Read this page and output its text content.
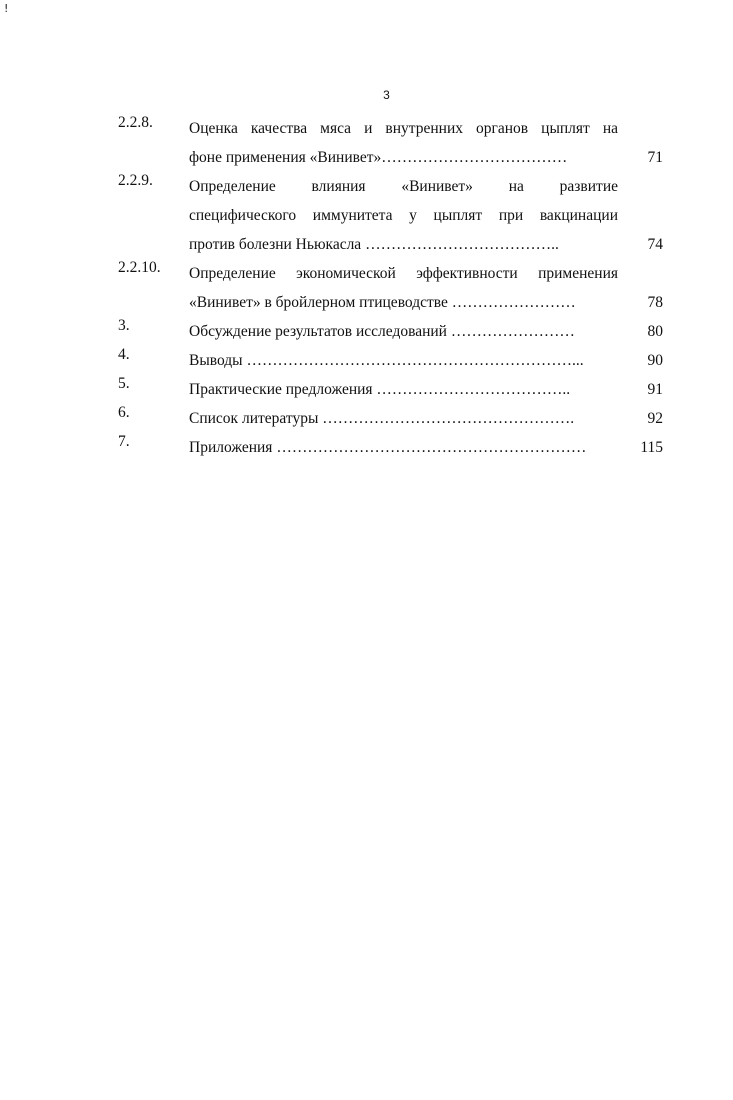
!
3
2.2.8. Оценка качества мяса и внутренних органов цыплят на
фоне применения «Винивет»………………………………	71
2.2.9. Определение влияния «Винивет» на развитие
специфического иммунитета у цыплят при вакцинации
против болезни Ньюкасла ………………………………..	74
2.2.10. Определение экономической эффективности применения
«Винивет» в бройлерном птицеводстве ……………………	78
3.	Обсуждение результатов исследований ……………………	80
4.	Выводы ………………………………………………………...	90
5.	Практические предложения ………………………………..	91
6.	Список литературы ………………………………………….	92
7.	Приложения ……………………………………………………	115
